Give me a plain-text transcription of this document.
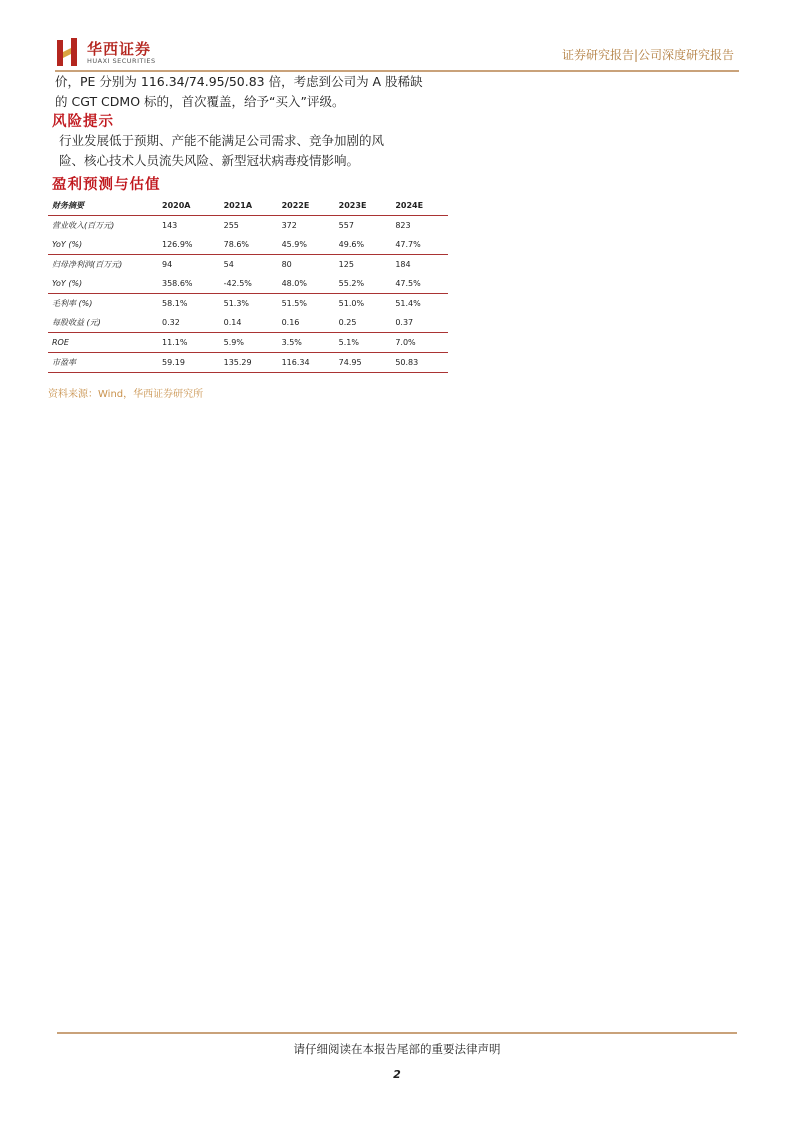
华西证券
HUAXI SECURITIES	证券研究报告|公司深度研究报告
价，PE 分别为 116.34/74.95/50.83 倍，考虑到公司为 A 股稀缺
的 CGT CDMO 标的，首次覆盖，给予“买入”评级。
风险提示
行业发展低于预期、产能不能满足公司需求、竞争加剧的风
险、核心技术人员流失风险、新型冠状病毒疫情影响。
盈利预测与估值
财务摘要	2020A	2021A	2022E	2023E	2024E
营业收入(百万元)	143	255	372	557	823
YoY (%)	126.9%	78.6%	45.9%	49.6%	47.7%
归母净利润(百万元)	94	54	80	125	184
YoY (%)	358.6%	-42.5%	48.0%	55.2%	47.5%
毛利率 (%)	58.1%	51.3%	51.5%	51.0%	51.4%
每股收益 (元)	0.32	0.14	0.16	0.25	0.37
ROE	11.1%	5.9%	3.5%	5.1%	7.0%
市盈率	59.19	135.29	116.34	74.95	50.83
资料来源：Wind，华西证券研究所
请仔细阅读在本报告尾部的重要法律声明
2
